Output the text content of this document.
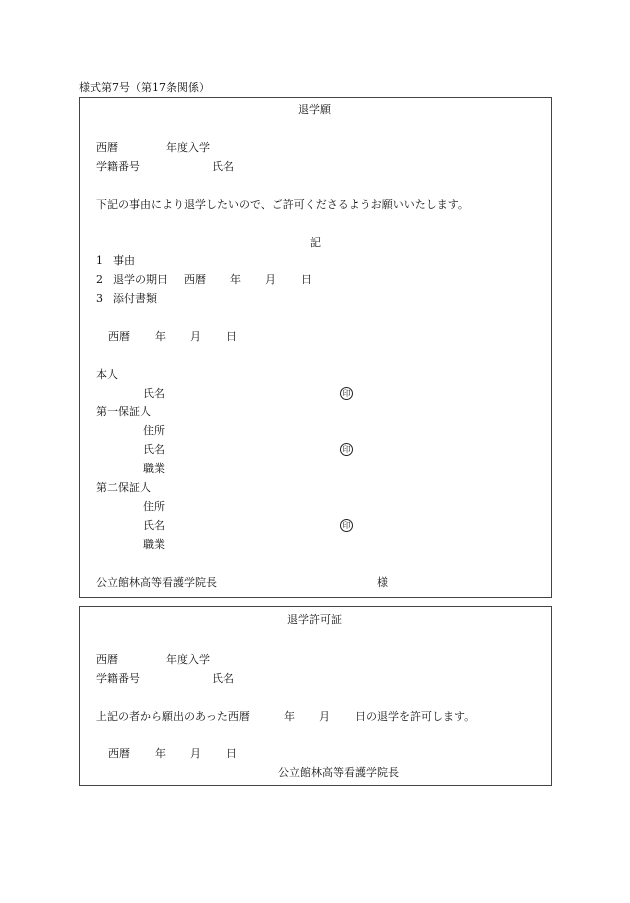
様式第7号（第17条関係）
退学願
西暦	年度入学
学籍番号	氏名
下記の事由により退学したいので、ご許可くださるようお願いいたします。
記
1 事由
2 退学の期日 西暦 年 月 日
3 添付書類
西暦 年 月 日
本人
氏名	印
第一保証人
住所
氏名	印
職業
第二保証人
住所
氏名	印
職業
公立館林高等看護学院長	様
退学許可証
西暦	年度入学
学籍番号	氏名
上記の者から願出のあった西暦	年 月 日の退学を許可します。
西暦 年 月 日
公立館林高等看護学院長
